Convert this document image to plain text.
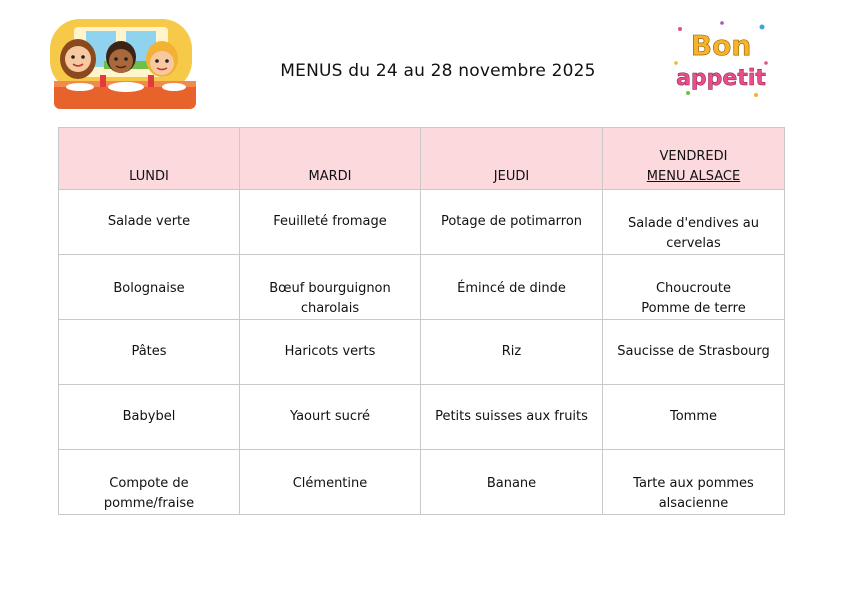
Bon
appetit
MENUS du 24 au 28 novembre 2025
LUNDI	MARDI	JEUDI	VENDREDI
MENU ALSACE

Salade verte	Feuilleté fromage	Potage de potimarron	Salade d'endives au cervelas
Bolognaise	Bœuf bourguignon charolais	Émincé de dinde	Choucroute
Pomme de terre
Pâtes	Haricots verts	Riz	Saucisse de Strasbourg
Babybel	Yaourt sucré	Petits suisses aux fruits	Tomme
Compote de pomme/fraise	Clémentine	Banane	Tarte aux pommes alsacienne
